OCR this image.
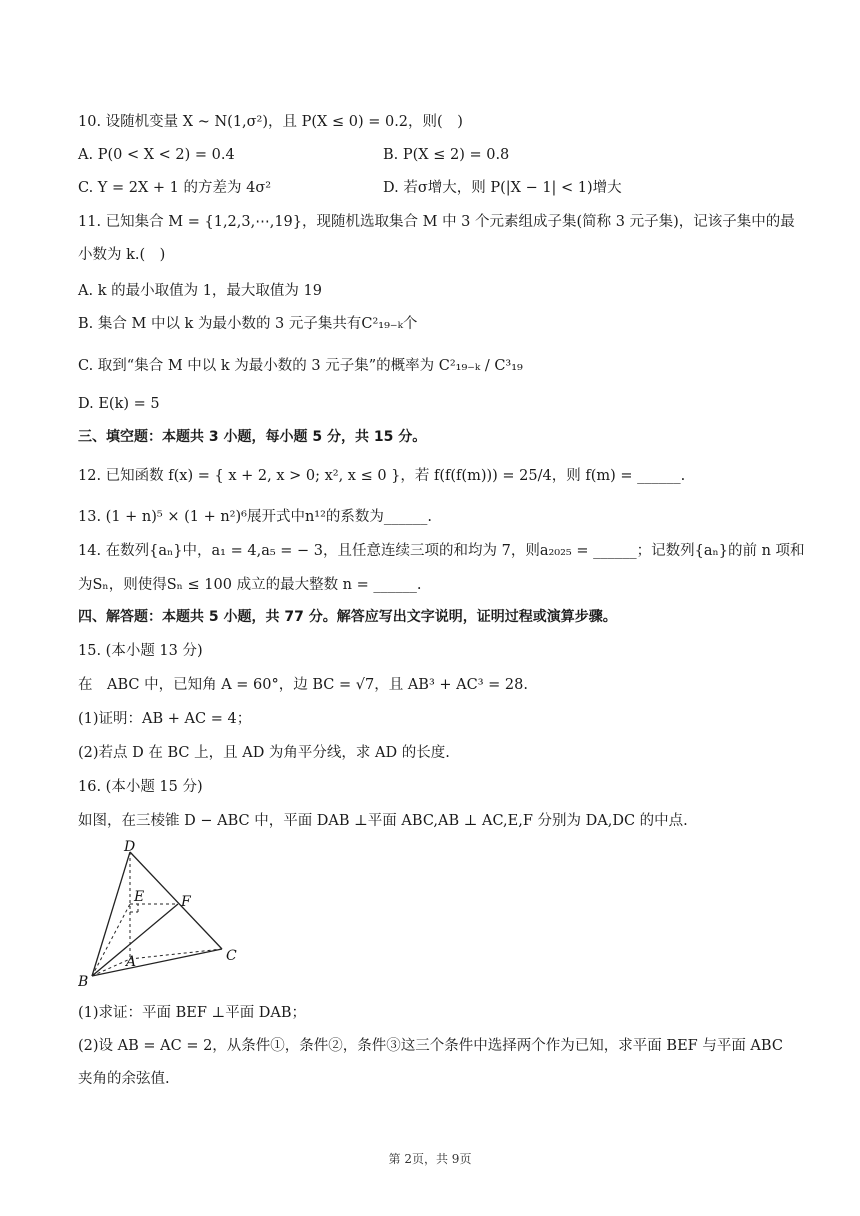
10. 设随机变量 X ~ N(1,σ²)，且 P(X ≤ 0) = 0.2，则(　)
A. P(0 < X < 2) = 0.4	B. P(X ≤ 2) = 0.8
C. Y = 2X + 1 的方差为 4σ²	D. 若σ增大，则 P(|X − 1| < 1)增大
11. 已知集合 M = {1,2,3,⋯,19}，现随机选取集合 M 中 3 个元素组成子集(简称 3 元子集)，记该子集中的最
小数为 k.(　)
A. k 的最小取值为 1，最大取值为 19
B. 集合 M 中以 k 为最小数的 3 元子集共有C²₁₉₋ₖ个
C. 取到“集合 M 中以 k 为最小数的 3 元子集”的概率为 C²₁₉₋ₖ / C³₁₉
D. E(k) = 5
三、填空题：本题共 3 小题，每小题 5 分，共 15 分。
12. 已知函数 f(x) = { x + 2, x > 0; x², x ≤ 0 }，若 f(f(f(m))) = 25/4，则 f(m) = ______.
13. (1 + n)⁵ × (1 + n²)⁶展开式中n¹²的系数为______.
14. 在数列{aₙ}中，a₁ = 4,a₅ = − 3，且任意连续三项的和均为 7，则a₂₀₂₅ = ______；记数列{aₙ}的前 n 项和
为Sₙ，则使得Sₙ ≤ 100 成立的最大整数 n = ______.
四、解答题：本题共 5 小题，共 77 分。解答应写出文字说明，证明过程或演算步骤。
15. (本小题 13 分)
在　ABC 中，已知角 A = 60°，边 BC = √7，且 AB³ + AC³ = 28.
(1)证明：AB + AC = 4；
(2)若点 D 在 BC 上，且 AD 为角平分线，求 AD 的长度.
16. (本小题 15 分)
如图，在三棱锥 D − ABC 中，平面 DAB ⊥平面 ABC,AB ⊥ AC,E,F 分别为 DA,DC 的中点.
D
E	F
A
B
C
(1)求证：平面 BEF ⊥平面 DAB；
(2)设 AB = AC = 2，从条件①，条件②，条件③这三个条件中选择两个作为已知，求平面 BEF 与平面 ABC
夹角的余弦值.
第 2页，共 9页
